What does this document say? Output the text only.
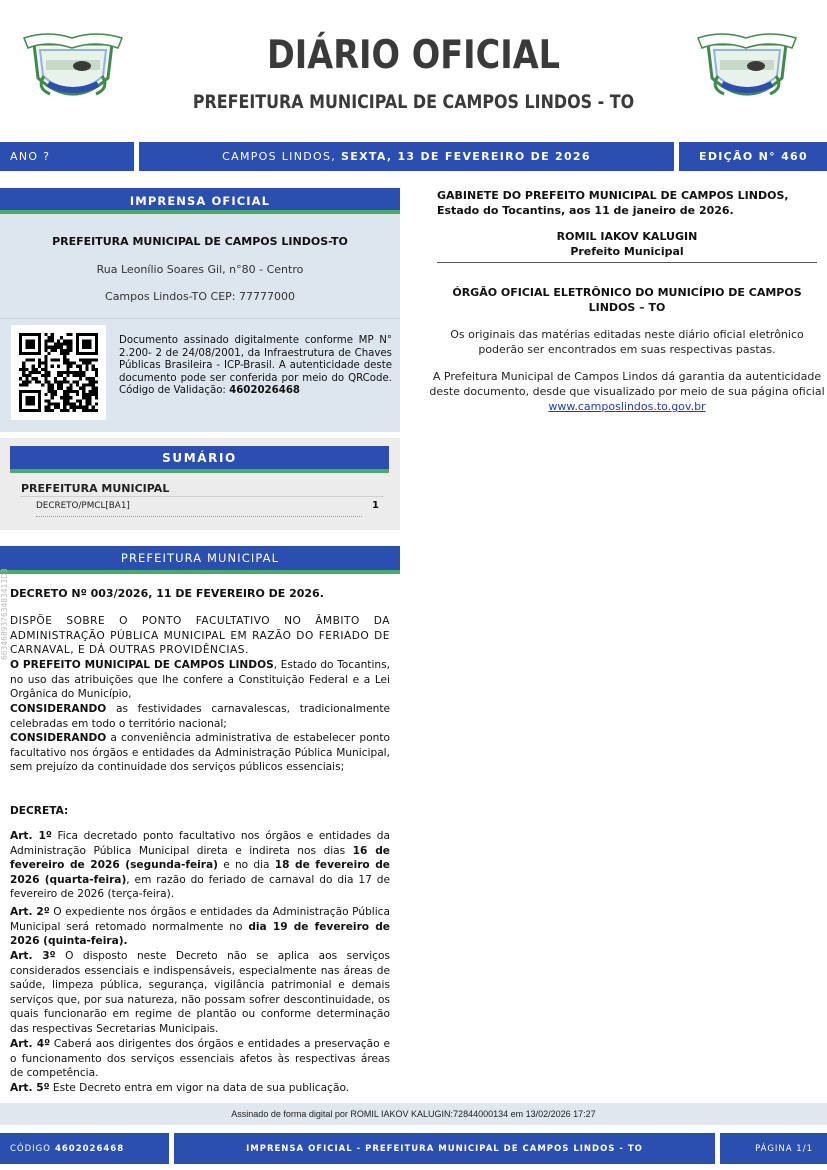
DIÁRIO OFICIAL
PREFEITURA MUNICIPAL DE CAMPOS LINDOS - TO
ANO ?	CAMPOS LINDOS, SEXTA, 13 DE FEVEREIRO DE 2026	EDIÇÃO N° 460
IMPRENSA OFICIAL
PREFEITURA MUNICIPAL DE CAMPOS LINDOS-TO
Rua Leonílio Soares Gil, n°80 - Centro
Campos Lindos-TO CEP: 77777000
Documento assinado digitalmente conforme MP N° 2.200- 2 de 24/08/2001, da Infraestrutura de Chaves Públicas Brasileira - ICP-Brasil. A autenticidade deste documento pode ser conferida por meio do QRCode. Código de Validação: 4602026468
SUMÁRIO
PREFEITURA MUNICIPAL
DECRETO/PMCL[BA1]	1
PREFEITURA MUNICIPAL
66346893763483413D3 DECRETO Nº 003/2026, 11 DE FEVEREIRO DE 2026.
DISPÕE SOBRE O PONTO FACULTATIVO NO ÂMBITO DA ADMINISTRAÇÃO PÚBLICA MUNICIPAL EM RAZÃO DO FERIADO DE CARNAVAL, E DÁ OUTRAS PROVIDÊNCIAS.
O PREFEITO MUNICIPAL DE CAMPOS LINDOS, Estado do Tocantins, no uso das atribuições que lhe confere a Constituição Federal e a Lei Orgânica do Município,
CONSIDERANDO as festividades carnavalescas, tradicionalmente celebradas em todo o território nacional;
CONSIDERANDO a conveniência administrativa de estabelecer ponto facultativo nos órgãos e entidades da Administração Pública Municipal, sem prejuízo da continuidade dos serviços públicos essenciais;
DECRETA:
Art. 1º Fica decretado ponto facultativo nos órgãos e entidades da Administração Pública Municipal direta e indireta nos dias 16 de fevereiro de 2026 (segunda-feira) e no dia 18 de fevereiro de 2026 (quarta-feira), em razão do feriado de carnaval do dia 17 de fevereiro de 2026 (terça-feira).
Art. 2º O expediente nos órgãos e entidades da Administração Pública Municipal será retomado normalmente no dia 19 de fevereiro de 2026 (quinta-feira).
Art. 3º O disposto neste Decreto não se aplica aos serviços considerados essenciais e indispensáveis, especialmente nas áreas de saúde, limpeza pública, segurança, vigilância patrimonial e demais serviços que, por sua natureza, não possam sofrer descontinuidade, os quais funcionarão em regime de plantão ou conforme determinação das respectivas Secretarias Municipais.
Art. 4º Caberá aos dirigentes dos órgãos e entidades a preservação e o funcionamento dos serviços essenciais afetos às respectivas áreas de competência.
Art. 5º Este Decreto entra em vigor na data de sua publicação.
GABINETE DO PREFEITO MUNICIPAL DE CAMPOS LINDOS, Estado do Tocantins, aos 11 de janeiro de 2026.
ROMIL IAKOV KALUGIN
Prefeito Municipal
ÓRGÃO OFICIAL ELETRÔNICO DO MUNICÍPIO DE CAMPOS LINDOS – TO
Os originais das matérias editadas neste diário oficial eletrônico poderão ser encontrados em suas respectivas pastas.
A Prefeitura Municipal de Campos Lindos dá garantia da autenticidade deste documento, desde que visualizado por meio de sua página oficial www.camposlindos.to.gov.br
Assinado de forma digital por ROMIL IAKOV KALUGIN:72844000134 em 13/02/2026 17:27
CÓDIGO 4602026468	IMPRENSA OFICIAL - PREFEITURA MUNICIPAL DE CAMPOS LINDOS - TO	PÁGINA 1/1
